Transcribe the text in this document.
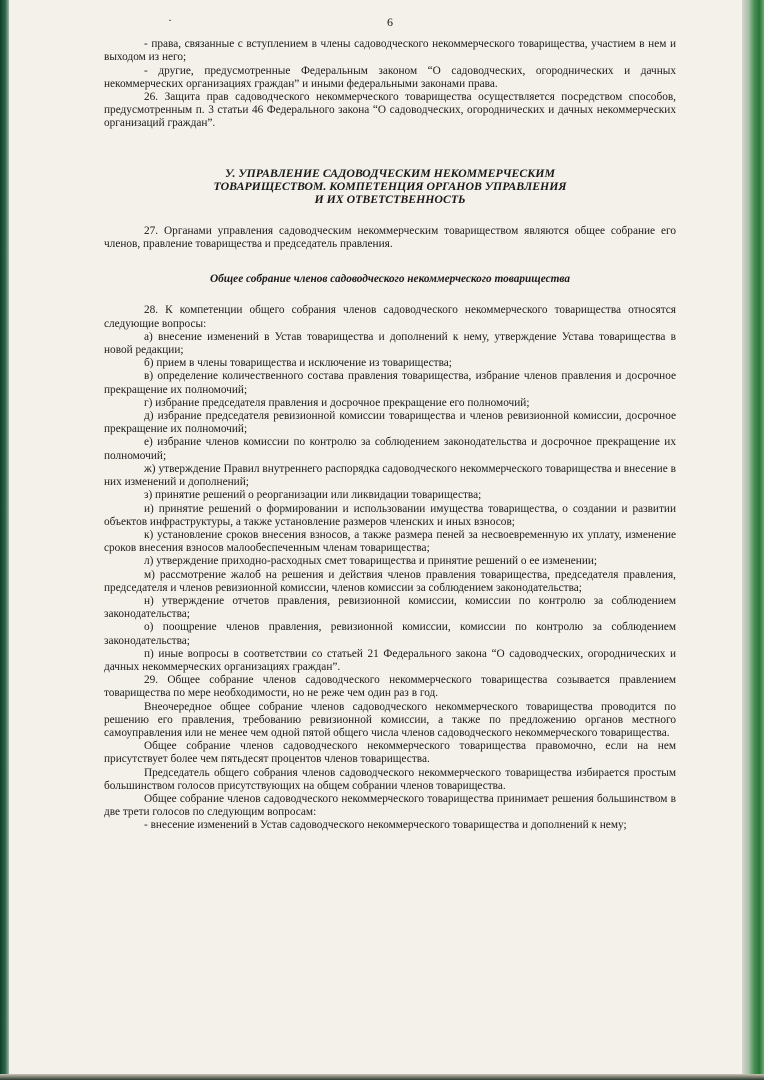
·	6

- права, связанные с вступлением в члены садоводческого некоммерческого товарищества, участием в нем и выходом из него;

- другие, предусмотренные Федеральным законом “О садоводческих, огороднических и дачных некоммерческих организациях граждан” и иными федеральными законами права.

26. Защита прав садоводческого некоммерческого товарищества осуществляется посредством способов, предусмотренным п. 3 статьи 46 Федерального закона “О садоводческих, огороднических и дачных некоммерческих организаций граждан”.

У. УПРАВЛЕНИЕ САДОВОДЧЕСКИМ НЕКОММЕРЧЕСКИМ
ТОВАРИЩЕСТВОМ. КОМПЕТЕНЦИЯ ОРГАНОВ УПРАВЛЕНИЯ
И ИХ ОТВЕТСТВЕННОСТЬ

27. Органами управления садоводческим некоммерческим товариществом являются общее собрание его членов, правление товарищества и председатель правления.

Общее собрание членов садоводческого некоммерческого товарищества

28. К компетенции общего собрания членов садоводческого некоммерческого товарищества относятся следующие вопросы:

а) внесение изменений в Устав товарищества и дополнений к нему, утверждение Устава товарищества в новой редакции;

б) прием в члены товарищества и исключение из товарищества;

в) определение количественного состава правления товарищества, избрание членов правления и досрочное прекращение их полномочий;

г) избрание председателя правления и досрочное прекращение его полномочий;

д) избрание председателя ревизионной комиссии товарищества и членов ревизионной комиссии, досрочное прекращение их полномочий;

е) избрание членов комиссии по контролю за соблюдением законодательства и досрочное прекращение их полномочий;

ж) утверждение Правил внутреннего распорядка садоводческого некоммерческого товарищества и внесение в них изменений и дополнений;

з) принятие решений о реорганизации или ликвидации товарищества;

и) принятие решений о формировании и использовании имущества товарищества, о создании и развитии объектов инфраструктуры, а также установление размеров членских и иных взносов;

к) установление сроков внесения взносов, а также размера пеней за несвоевременную их уплату, изменение сроков внесения взносов малообеспеченным членам товарищества;

л) утверждение приходно-расходных смет товарищества и принятие решений о ее изменении;

м) рассмотрение жалоб на решения и действия членов правления товарищества, председателя правления, председателя и членов ревизионной комиссии, членов комиссии за соблюдением законодательства;

н) утверждение отчетов правления, ревизионной комиссии, комиссии по контролю за соблюдением законодательства;

о) поощрение членов правления, ревизионной комиссии, комиссии по контролю за соблюдением законодательства;

п) иные вопросы в соответствии со статьей 21 Федерального закона “О садоводческих, огороднических и дачных некоммерческих организациях граждан”.

29. Общее собрание членов садоводческого некоммерческого товарищества созывается правлением товарищества по мере необходимости, но не реже чем один раз в год.

Внеочередное общее собрание членов садоводческого некоммерческого товарищества проводится по решению его правления, требованию ревизионной комиссии, а также по предложению органов местного самоуправления или не менее чем одной пятой общего числа членов садоводческого некоммерческого товарищества.

Общее собрание членов садоводческого некоммерческого товарищества правомочно, если на нем присутствует более чем пятьдесят процентов членов товарищества.

Председатель общего собрания членов садоводческого некоммерческого товарищества избирается простым большинством голосов присутствующих на общем собрании членов товарищества.

Общее собрание членов садоводческого некоммерческого товарищества принимает решения большинством в две трети голосов по следующим вопросам:

- внесение изменений в Устав садоводческого некоммерческого товарищества и дополнений к нему;
